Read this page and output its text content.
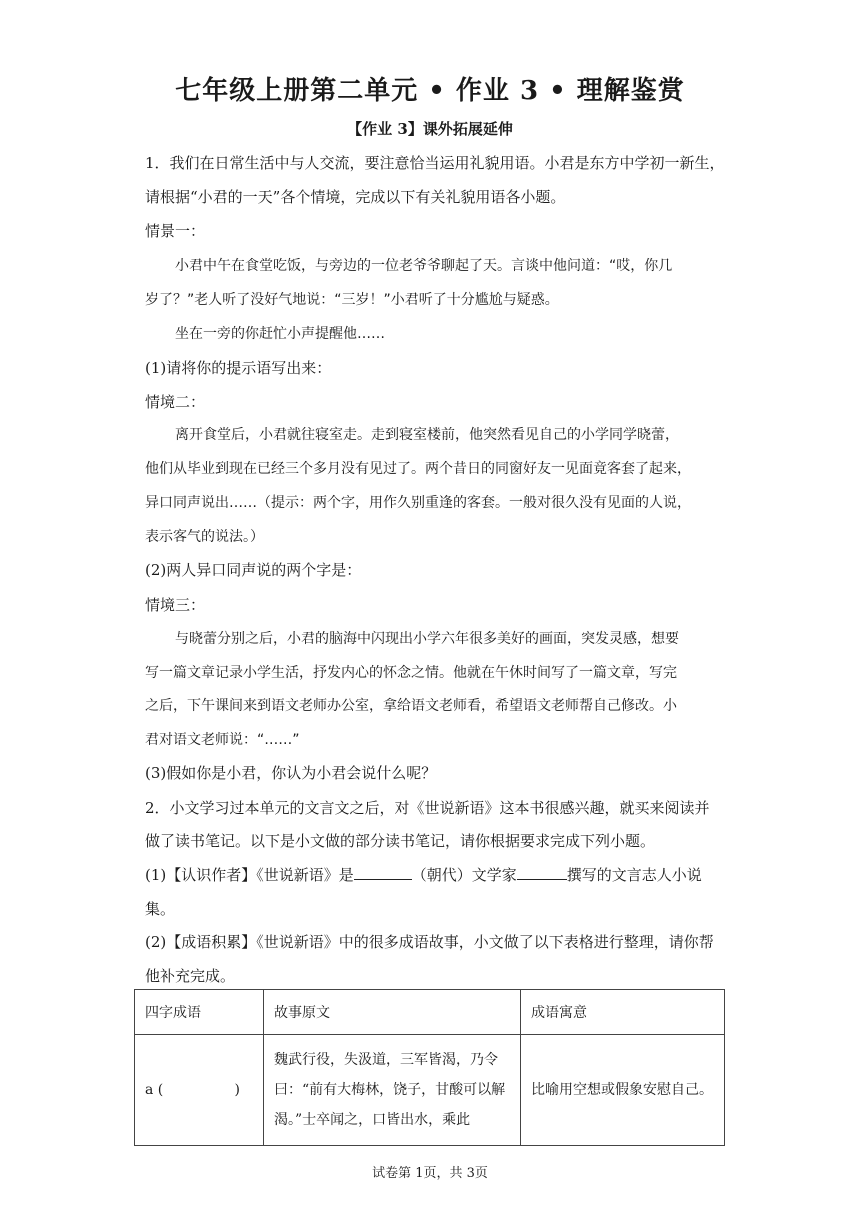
七年级上册第二单元 • 作业 3 • 理解鉴赏
【作业 3】课外拓展延伸
1．我们在日常生活中与人交流，要注意恰当运用礼貌用语。小君是东方中学初一新生，
请根据“小君的一天”各个情境，完成以下有关礼貌用语各小题。
情景一：
小君中午在食堂吃饭，与旁边的一位老爷爷聊起了天。言谈中他问道：“哎，你几
岁了？”老人听了没好气地说：“三岁！”小君听了十分尴尬与疑惑。
坐在一旁的你赶忙小声提醒他……
(1)请将你的提示语写出来：
情境二：
离开食堂后，小君就往寝室走。走到寝室楼前，他突然看见自己的小学同学晓蕾，
他们从毕业到现在已经三个多月没有见过了。两个昔日的同窗好友一见面竟客套了起来，
异口同声说出……（提示：两个字，用作久别重逢的客套。一般对很久没有见面的人说，
表示客气的说法。）
(2)两人异口同声说的两个字是：
情境三：
与晓蕾分别之后，小君的脑海中闪现出小学六年很多美好的画面，突发灵感，想要
写一篇文章记录小学生活，抒发内心的怀念之情。他就在午休时间写了一篇文章，写完
之后，下午课间来到语文老师办公室，拿给语文老师看，希望语文老师帮自己修改。小
君对语文老师说：“……”
(3)假如你是小君，你认为小君会说什么呢？
2．小文学习过本单元的文言文之后，对《世说新语》这本书很感兴趣，就买来阅读并
做了读书笔记。以下是小文做的部分读书笔记，请你根据要求完成下列小题。
(1)【认识作者】《世说新语》是	（朝代）文学家	撰写的文言志人小说
集。
(2)【成语积累】《世说新语》中的很多成语故事，小文做了以下表格进行整理，请你帮
他补充完成。
四字成语	故事原文	成语寓意
a (                )	魏武行役，失汲道，三军皆渴，乃令曰：“前有大梅林，饶子，甘酸可以解渴。”士卒闻之，口皆出水，乘此	比喻用空想或假象安慰自己。
试卷第 1页，共 3页
